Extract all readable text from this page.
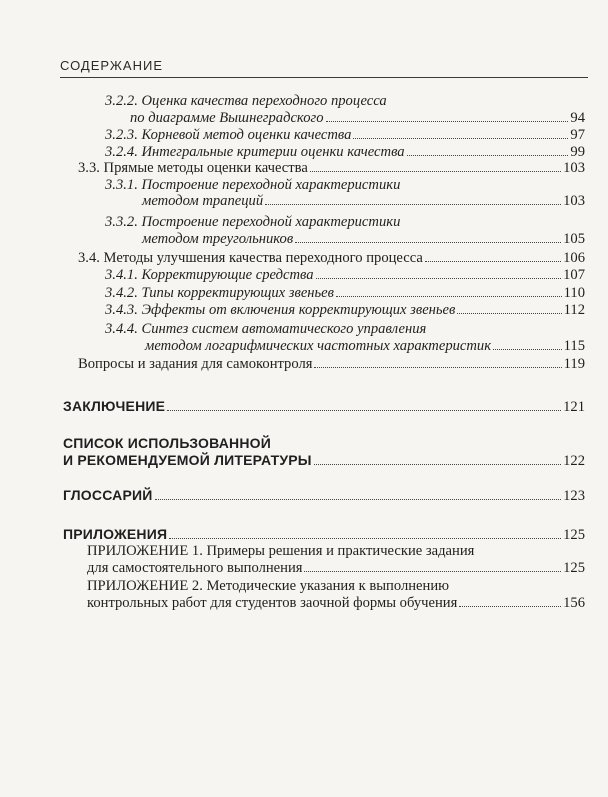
СОДЕРЖАНИЕ
3.2.2. Оценка качества переходного процесса
по диаграмме Вышнеградского	94
3.2.3. Корневой метод оценки качества	97
3.2.4. Интегральные критерии оценки качества	99
3.3. Прямые методы оценки качества	103
3.3.1. Построение переходной характеристики
методом трапеций	103
3.3.2. Построение переходной характеристики
методом треугольников	105
3.4. Методы улучшения качества переходного процесса	106
3.4.1. Корректирующие средства	107
3.4.2. Типы корректирующих звеньев	110
3.4.3. Эффекты от включения корректирующих звеньев	112
3.4.4. Синтез систем автоматического управления
методом логарифмических частотных характеристик	115
Вопросы и задания для самоконтроля	119
ЗАКЛЮЧЕНИЕ	121
СПИСОК ИСПОЛЬЗОВАННОЙ
И РЕКОМЕНДУЕМОЙ ЛИТЕРАТУРЫ	122
ГЛОССАРИЙ	123
ПРИЛОЖЕНИЯ	125
ПРИЛОЖЕНИЕ 1. Примеры решения и практические задания
для самостоятельного выполнения	125
ПРИЛОЖЕНИЕ 2. Методические указания к выполнению
контрольных работ для студентов заочной формы обучения	156
